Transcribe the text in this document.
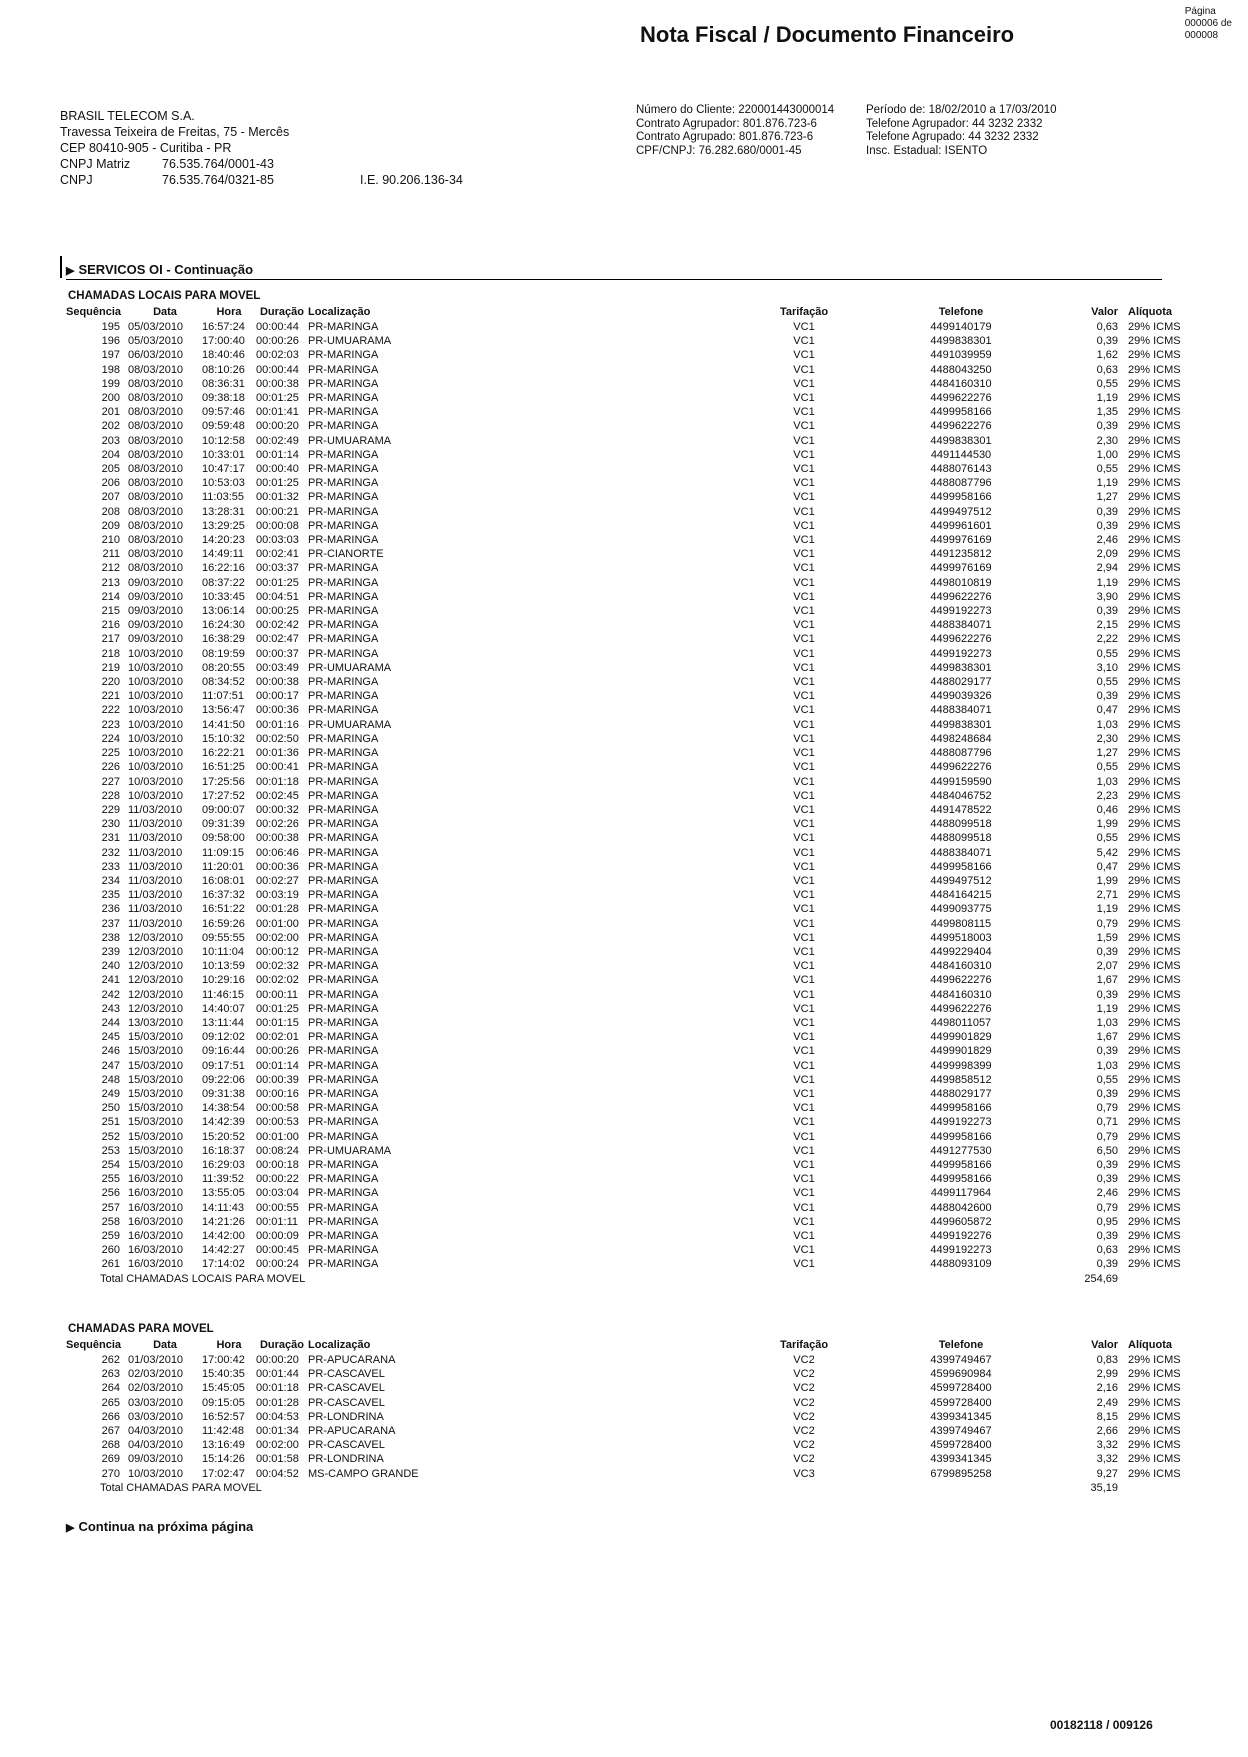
Nota Fiscal / Documento Financeiro
Página
000006 de
000008
BRASIL TELECOM S.A.
Travessa Teixeira de Freitas, 75 - Mercês
CEP 80410-905 - Curitiba - PR
CNPJ Matriz	76.535.764/0001-43
CNPJ	76.535.764/0321-85	I.E. 90.206.136-34
Número do Cliente: 220001443000014
Contrato Agrupador: 801.876.723-6
Contrato Agrupado: 801.876.723-6
CPF/CNPJ: 76.282.680/0001-45
Período de: 18/02/2010 a 17/03/2010
Telefone Agrupador: 44 3232 2332
Telefone Agrupado: 44 3232 2332
Insc. Estadual: ISENTO
▶ SERVICOS OI - Continuação
CHAMADAS LOCAIS PARA MOVEL
Sequência	Data	Hora	Duração	Localização	Tarifação	Telefone	Valor	Alíquota
195	05/03/2010	16:57:24	00:00:44	PR-MARINGA	VC1	4499140179	0,63	29% ICMS
196	05/03/2010	17:00:40	00:00:26	PR-UMUARAMA	VC1	4499838301	0,39	29% ICMS
197	06/03/2010	18:40:46	00:02:03	PR-MARINGA	VC1	4491039959	1,62	29% ICMS
198	08/03/2010	08:10:26	00:00:44	PR-MARINGA	VC1	4488043250	0,63	29% ICMS
199	08/03/2010	08:36:31	00:00:38	PR-MARINGA	VC1	4484160310	0,55	29% ICMS
200	08/03/2010	09:38:18	00:01:25	PR-MARINGA	VC1	4499622276	1,19	29% ICMS
201	08/03/2010	09:57:46	00:01:41	PR-MARINGA	VC1	4499958166	1,35	29% ICMS
202	08/03/2010	09:59:48	00:00:20	PR-MARINGA	VC1	4499622276	0,39	29% ICMS
203	08/03/2010	10:12:58	00:02:49	PR-UMUARAMA	VC1	4499838301	2,30	29% ICMS
204	08/03/2010	10:33:01	00:01:14	PR-MARINGA	VC1	4491144530	1,00	29% ICMS
205	08/03/2010	10:47:17	00:00:40	PR-MARINGA	VC1	4488076143	0,55	29% ICMS
206	08/03/2010	10:53:03	00:01:25	PR-MARINGA	VC1	4488087796	1,19	29% ICMS
207	08/03/2010	11:03:55	00:01:32	PR-MARINGA	VC1	4499958166	1,27	29% ICMS
208	08/03/2010	13:28:31	00:00:21	PR-MARINGA	VC1	4499497512	0,39	29% ICMS
209	08/03/2010	13:29:25	00:00:08	PR-MARINGA	VC1	4499961601	0,39	29% ICMS
210	08/03/2010	14:20:23	00:03:03	PR-MARINGA	VC1	4499976169	2,46	29% ICMS
211	08/03/2010	14:49:11	00:02:41	PR-CIANORTE	VC1	4491235812	2,09	29% ICMS
212	08/03/2010	16:22:16	00:03:37	PR-MARINGA	VC1	4499976169	2,94	29% ICMS
213	09/03/2010	08:37:22	00:01:25	PR-MARINGA	VC1	4498010819	1,19	29% ICMS
214	09/03/2010	10:33:45	00:04:51	PR-MARINGA	VC1	4499622276	3,90	29% ICMS
215	09/03/2010	13:06:14	00:00:25	PR-MARINGA	VC1	4499192273	0,39	29% ICMS
216	09/03/2010	16:24:30	00:02:42	PR-MARINGA	VC1	4488384071	2,15	29% ICMS
217	09/03/2010	16:38:29	00:02:47	PR-MARINGA	VC1	4499622276	2,22	29% ICMS
218	10/03/2010	08:19:59	00:00:37	PR-MARINGA	VC1	4499192273	0,55	29% ICMS
219	10/03/2010	08:20:55	00:03:49	PR-UMUARAMA	VC1	4499838301	3,10	29% ICMS
220	10/03/2010	08:34:52	00:00:38	PR-MARINGA	VC1	4488029177	0,55	29% ICMS
221	10/03/2010	11:07:51	00:00:17	PR-MARINGA	VC1	4499039326	0,39	29% ICMS
222	10/03/2010	13:56:47	00:00:36	PR-MARINGA	VC1	4488384071	0,47	29% ICMS
223	10/03/2010	14:41:50	00:01:16	PR-UMUARAMA	VC1	4499838301	1,03	29% ICMS
224	10/03/2010	15:10:32	00:02:50	PR-MARINGA	VC1	4498248684	2,30	29% ICMS
225	10/03/2010	16:22:21	00:01:36	PR-MARINGA	VC1	4488087796	1,27	29% ICMS
226	10/03/2010	16:51:25	00:00:41	PR-MARINGA	VC1	4499622276	0,55	29% ICMS
227	10/03/2010	17:25:56	00:01:18	PR-MARINGA	VC1	4499159590	1,03	29% ICMS
228	10/03/2010	17:27:52	00:02:45	PR-MARINGA	VC1	4484046752	2,23	29% ICMS
229	11/03/2010	09:00:07	00:00:32	PR-MARINGA	VC1	4491478522	0,46	29% ICMS
230	11/03/2010	09:31:39	00:02:26	PR-MARINGA	VC1	4488099518	1,99	29% ICMS
231	11/03/2010	09:58:00	00:00:38	PR-MARINGA	VC1	4488099518	0,55	29% ICMS
232	11/03/2010	11:09:15	00:06:46	PR-MARINGA	VC1	4488384071	5,42	29% ICMS
233	11/03/2010	11:20:01	00:00:36	PR-MARINGA	VC1	4499958166	0,47	29% ICMS
234	11/03/2010	16:08:01	00:02:27	PR-MARINGA	VC1	4499497512	1,99	29% ICMS
235	11/03/2010	16:37:32	00:03:19	PR-MARINGA	VC1	4484164215	2,71	29% ICMS
236	11/03/2010	16:51:22	00:01:28	PR-MARINGA	VC1	4499093775	1,19	29% ICMS
237	11/03/2010	16:59:26	00:01:00	PR-MARINGA	VC1	4499808115	0,79	29% ICMS
238	12/03/2010	09:55:55	00:02:00	PR-MARINGA	VC1	4499518003	1,59	29% ICMS
239	12/03/2010	10:11:04	00:00:12	PR-MARINGA	VC1	4499229404	0,39	29% ICMS
240	12/03/2010	10:13:59	00:02:32	PR-MARINGA	VC1	4484160310	2,07	29% ICMS
241	12/03/2010	10:29:16	00:02:02	PR-MARINGA	VC1	4499622276	1,67	29% ICMS
242	12/03/2010	11:46:15	00:00:11	PR-MARINGA	VC1	4484160310	0,39	29% ICMS
243	12/03/2010	14:40:07	00:01:25	PR-MARINGA	VC1	4499622276	1,19	29% ICMS
244	13/03/2010	13:11:44	00:01:15	PR-MARINGA	VC1	4498011057	1,03	29% ICMS
245	15/03/2010	09:12:02	00:02:01	PR-MARINGA	VC1	4499901829	1,67	29% ICMS
246	15/03/2010	09:16:44	00:00:26	PR-MARINGA	VC1	4499901829	0,39	29% ICMS
247	15/03/2010	09:17:51	00:01:14	PR-MARINGA	VC1	4499998399	1,03	29% ICMS
248	15/03/2010	09:22:06	00:00:39	PR-MARINGA	VC1	4499858512	0,55	29% ICMS
249	15/03/2010	09:31:38	00:00:16	PR-MARINGA	VC1	4488029177	0,39	29% ICMS
250	15/03/2010	14:38:54	00:00:58	PR-MARINGA	VC1	4499958166	0,79	29% ICMS
251	15/03/2010	14:42:39	00:00:53	PR-MARINGA	VC1	4499192273	0,71	29% ICMS
252	15/03/2010	15:20:52	00:01:00	PR-MARINGA	VC1	4499958166	0,79	29% ICMS
253	15/03/2010	16:18:37	00:08:24	PR-UMUARAMA	VC1	4491277530	6,50	29% ICMS
254	15/03/2010	16:29:03	00:00:18	PR-MARINGA	VC1	4499958166	0,39	29% ICMS
255	16/03/2010	11:39:52	00:00:22	PR-MARINGA	VC1	4499958166	0,39	29% ICMS
256	16/03/2010	13:55:05	00:03:04	PR-MARINGA	VC1	4499117964	2,46	29% ICMS
257	16/03/2010	14:11:43	00:00:55	PR-MARINGA	VC1	4488042600	0,79	29% ICMS
258	16/03/2010	14:21:26	00:01:11	PR-MARINGA	VC1	4499605872	0,95	29% ICMS
259	16/03/2010	14:42:00	00:00:09	PR-MARINGA	VC1	4499192276	0,39	29% ICMS
260	16/03/2010	14:42:27	00:00:45	PR-MARINGA	VC1	4499192273	0,63	29% ICMS
261	16/03/2010	17:14:02	00:00:24	PR-MARINGA	VC1	4488093109	0,39	29% ICMS
Total CHAMADAS LOCAIS PARA MOVEL							254,69	
CHAMADAS PARA MOVEL
Sequência	Data	Hora	Duração	Localização	Tarifação	Telefone	Valor	Alíquota
262	01/03/2010	17:00:42	00:00:20	PR-APUCARANA	VC2	4399749467	0,83	29% ICMS
263	02/03/2010	15:40:35	00:01:44	PR-CASCAVEL	VC2	4599690984	2,99	29% ICMS
264	02/03/2010	15:45:05	00:01:18	PR-CASCAVEL	VC2	4599728400	2,16	29% ICMS
265	03/03/2010	09:15:05	00:01:28	PR-CASCAVEL	VC2	4599728400	2,49	29% ICMS
266	03/03/2010	16:52:57	00:04:53	PR-LONDRINA	VC2	4399341345	8,15	29% ICMS
267	04/03/2010	11:42:48	00:01:34	PR-APUCARANA	VC2	4399749467	2,66	29% ICMS
268	04/03/2010	13:16:49	00:02:00	PR-CASCAVEL	VC2	4599728400	3,32	29% ICMS
269	09/03/2010	15:14:26	00:01:58	PR-LONDRINA	VC2	4399341345	3,32	29% ICMS
270	10/03/2010	17:02:47	00:04:52	MS-CAMPO GRANDE	VC3	6799895258	9,27	29% ICMS
Total CHAMADAS PARA MOVEL							35,19	
▶ Continua na próxima página
00182118 / 009126
